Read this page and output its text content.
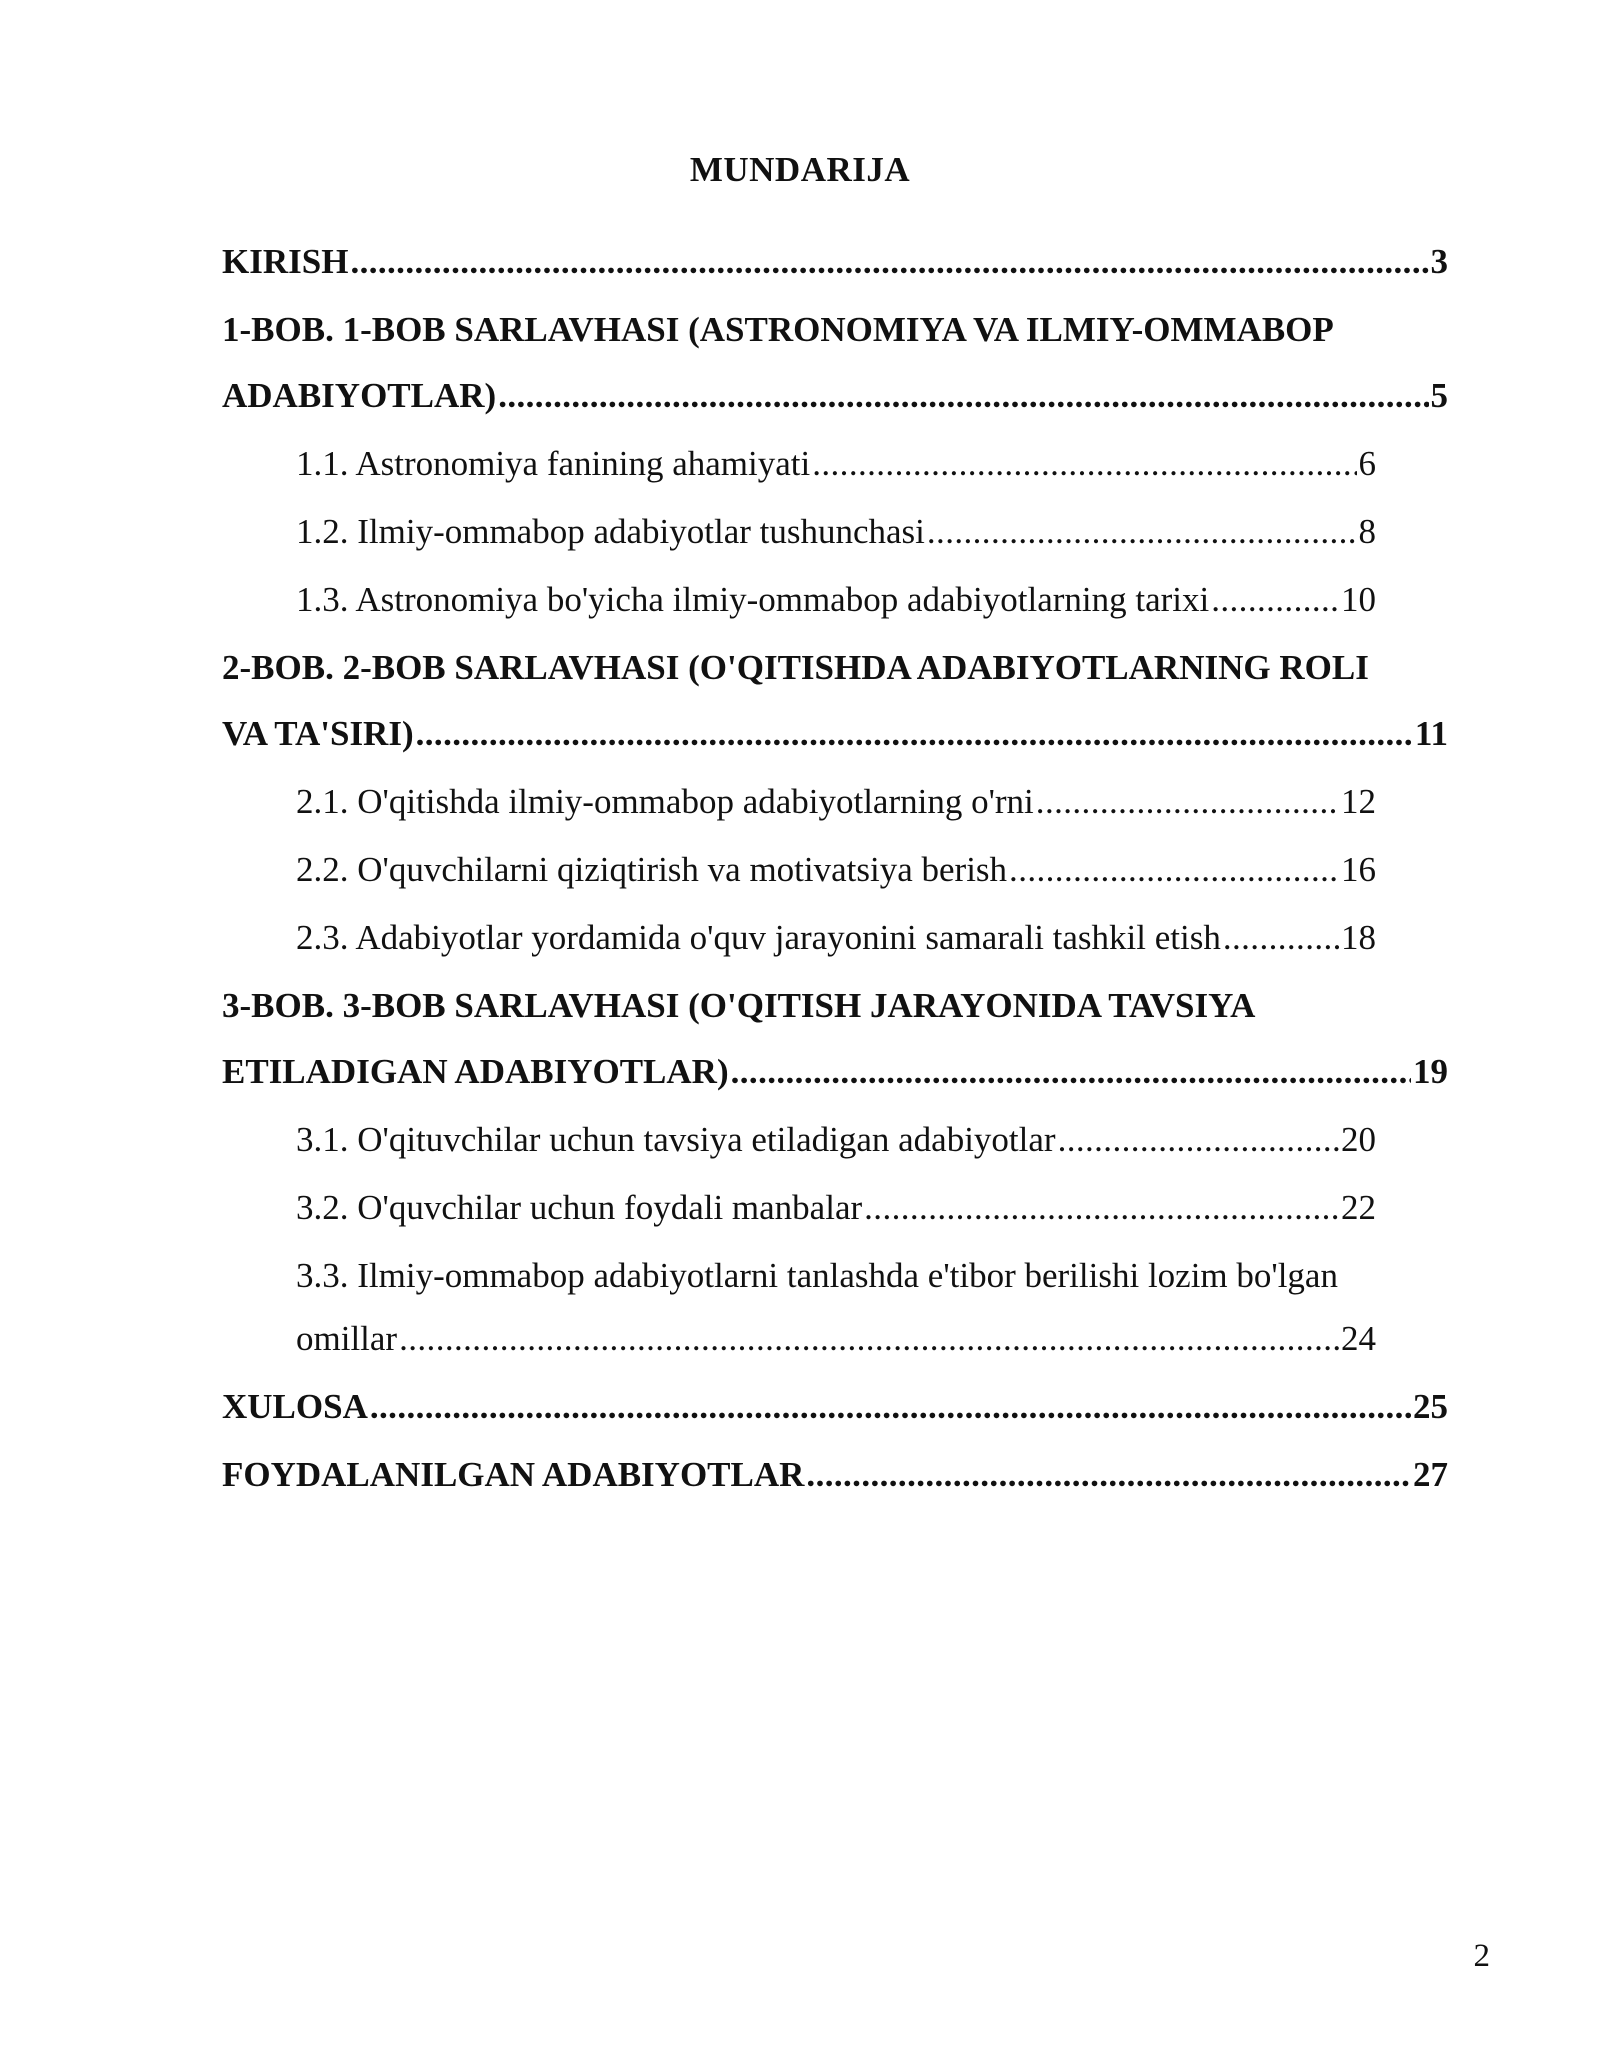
MUNDARIJA
KIRISH .....	3
1-BOB. 1-BOB SARLAVHASI (ASTRONOMIYA VA ILMIY-OMMABOP
ADABIYOTLAR) .....	5
1.1. Astronomiya fanining ahamiyati .....	6
1.2. Ilmiy-ommabop adabiyotlar tushunchasi .....	8
1.3. Astronomiya bo'yicha ilmiy-ommabop adabiyotlarning tarixi .....	10
2-BOB. 2-BOB SARLAVHASI (O'QITISHDA ADABIYOTLARNING ROLI
VA TA'SIRI) .....	11
2.1. O'qitishda ilmiy-ommabop adabiyotlarning o'rni .....	12
2.2. O'quvchilarni qiziqtirish va motivatsiya berish .....	16
2.3. Adabiyotlar yordamida o'quv jarayonini samarali tashkil etish .....	18
3-BOB. 3-BOB SARLAVHASI (O'QITISH JARAYONIDA TAVSIYA
ETILADIGAN ADABIYOTLAR) .....	19
3.1. O'qituvchilar uchun tavsiya etiladigan adabiyotlar .....	20
3.2. O'quvchilar uchun foydali manbalar .....	22
3.3. Ilmiy-ommabop adabiyotlarni tanlashda e'tibor berilishi lozim bo'lgan
omillar .....	24
XULOSA .....	25
FOYDALANILGAN ADABIYOTLAR .....	27
2
